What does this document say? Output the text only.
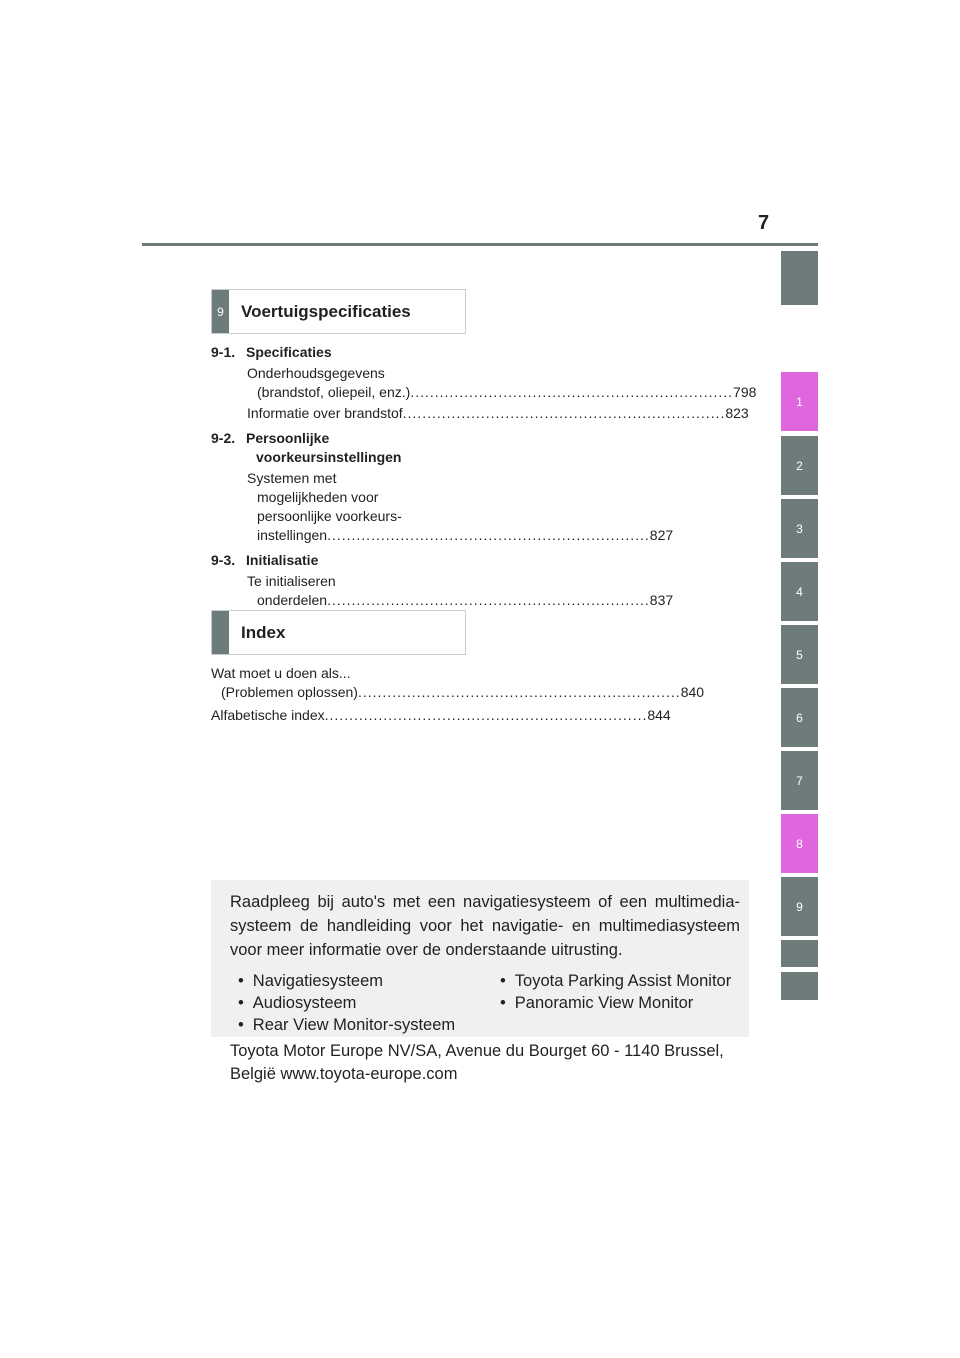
7
1
2
3
4
5
6
7
8
9
9	Voertuigspecificaties
9-1. Specificaties
Onderhoudsgegevens
(brandstof, oliepeil, enz.) .................................................................. 798
Informatie over brandstof .................................................................. 823
9-2. Persoonlijke
voorkeursinstellingen
Systemen met
mogelijkheden voor
persoonlijke voorkeurs-
instellingen .................................................................. 827
9-3. Initialisatie
Te initialiseren
onderdelen .................................................................. 837
Index
Wat moet u doen als...
(Problemen oplossen) .................................................................. 840
Alfabetische index .................................................................. 844
Raadpleeg bij auto's met een navigatiesysteem of een multimedia-systeem de handleiding voor het navigatie- en multimediasysteem voor meer informatie over de onderstaande uitrusting.
• Navigatiesysteem
• Audiosysteem
• Rear View Monitor-systeem
• Toyota Parking Assist Monitor
• Panoramic View Monitor
Toyota Motor Europe NV/SA, Avenue du Bourget 60 - 1140 Brussel,
België www.toyota-europe.com
